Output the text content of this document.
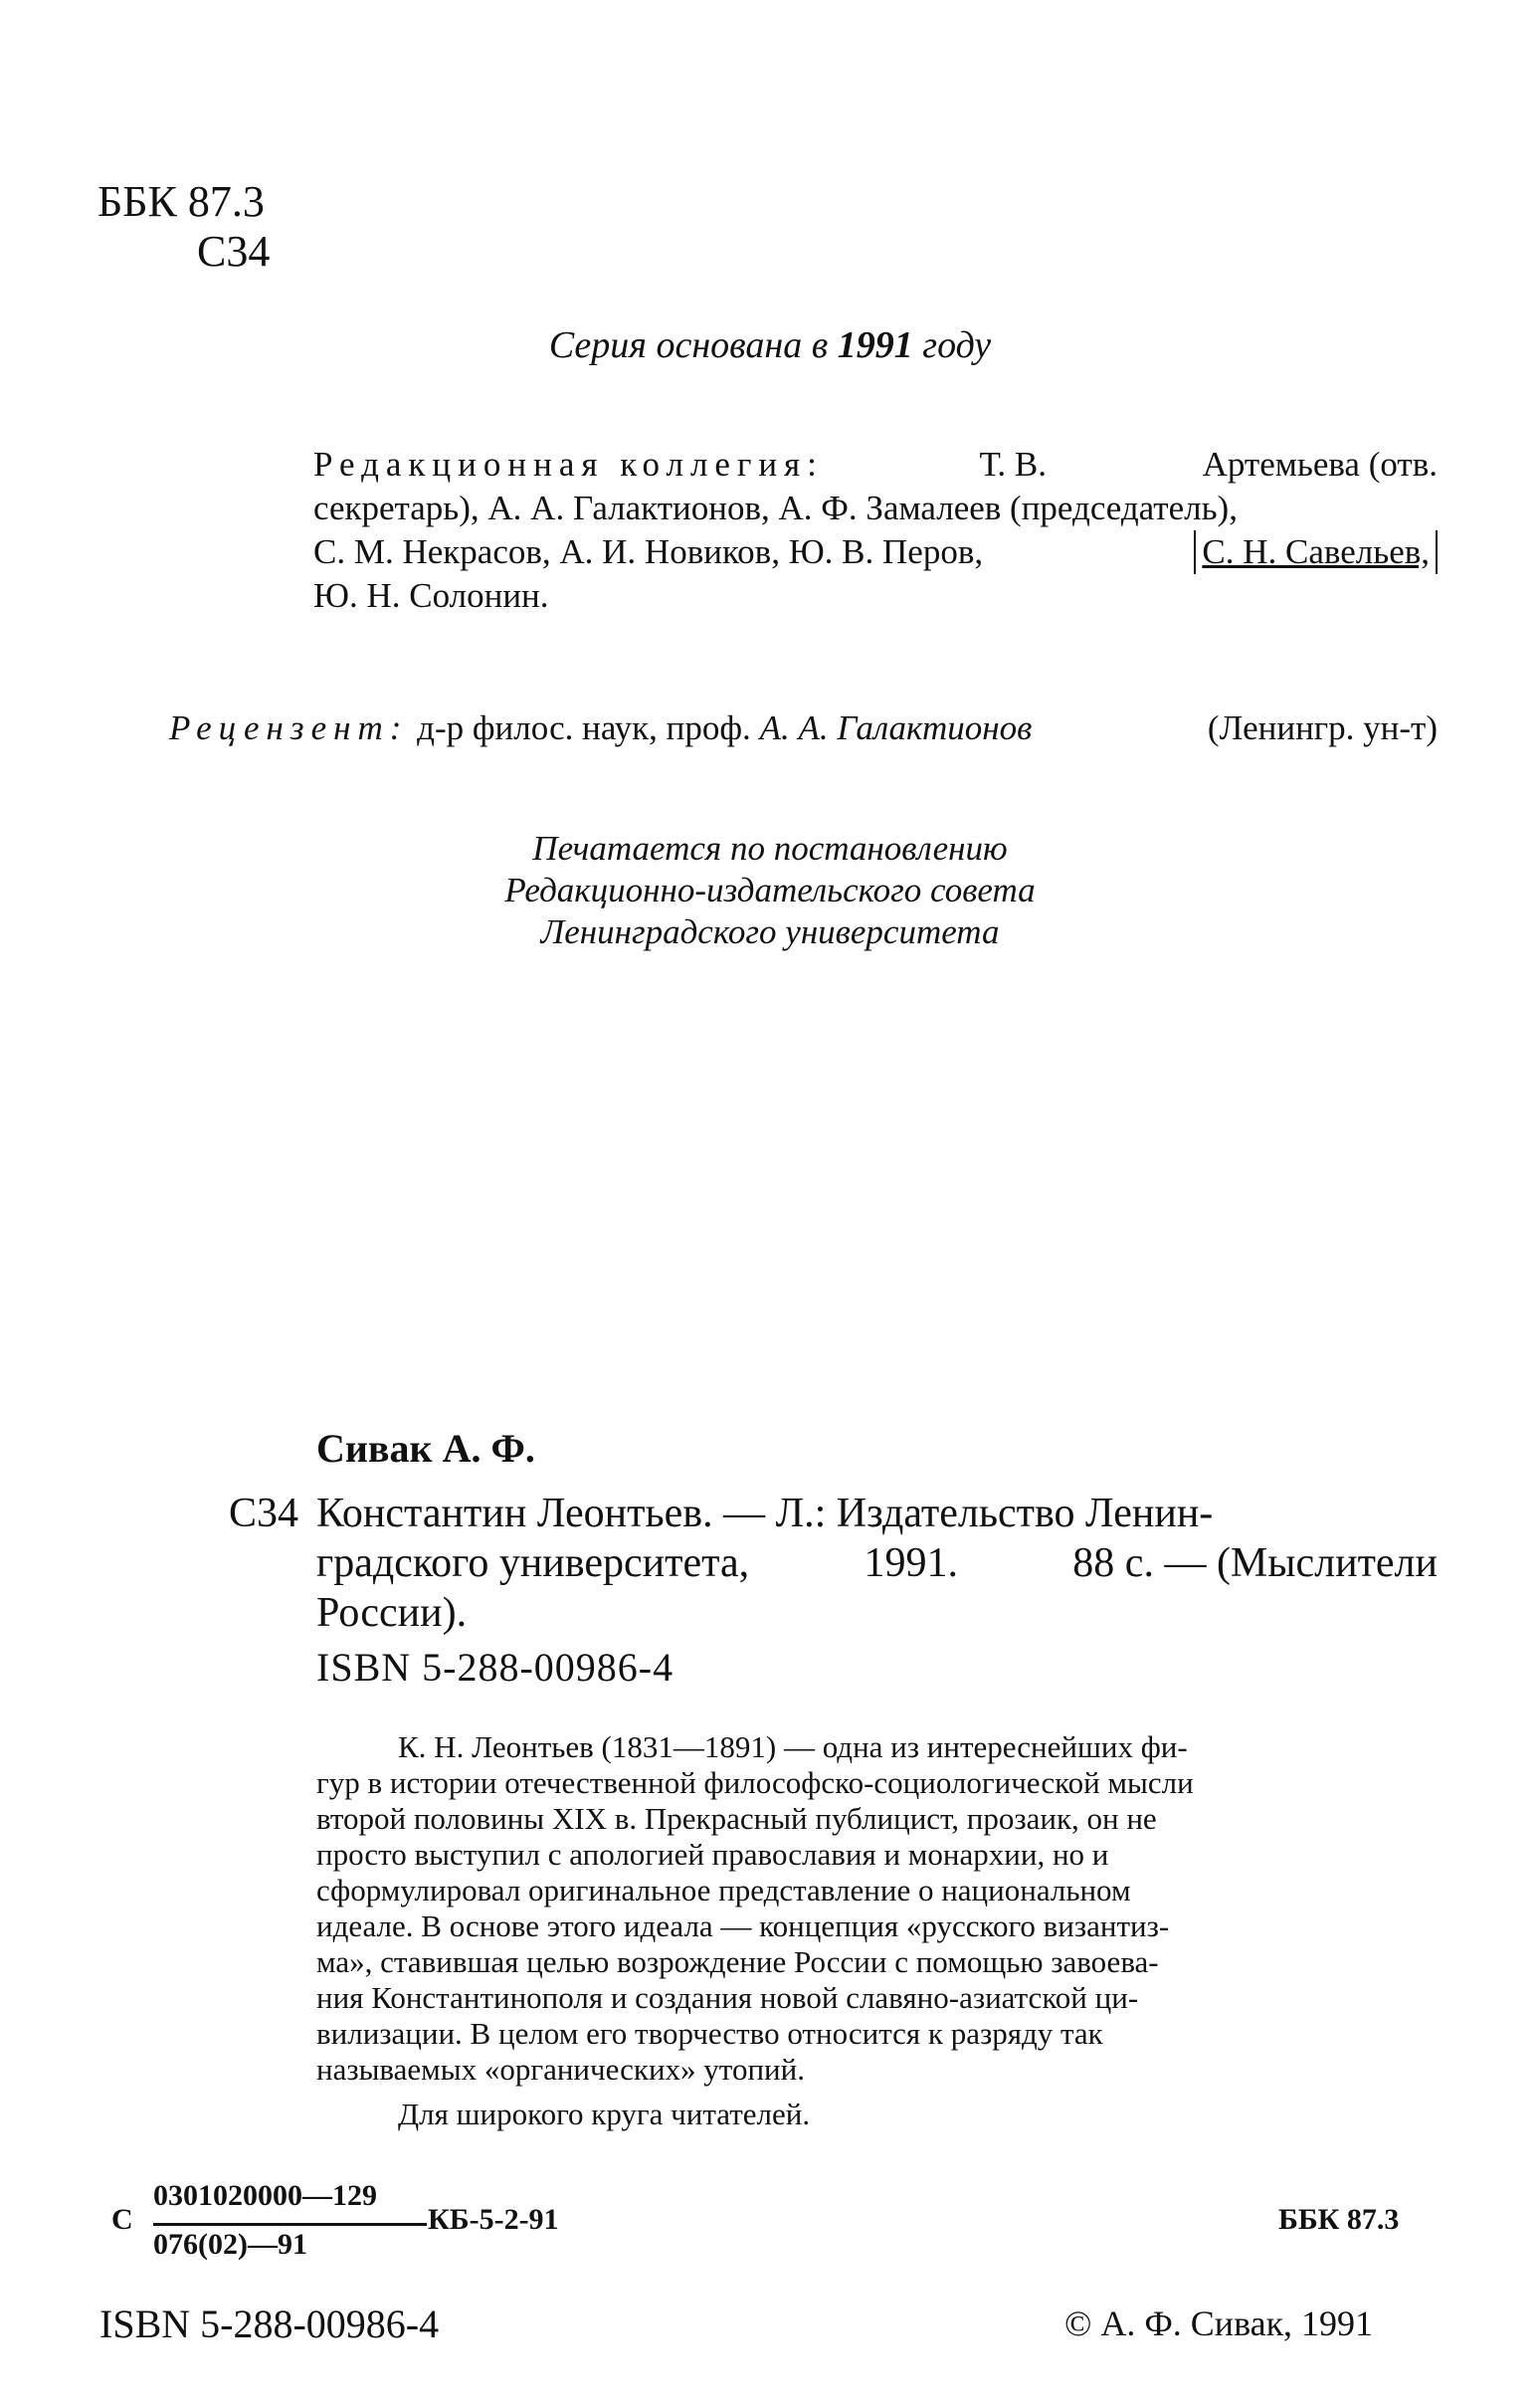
ББК 87.3
С34
Серия основана в 1991 году
Редакционная коллегия:	Т. В.	Артемьева (отв.
секретарь), А. А. Галактионов, А. Ф. Замалеев (председатель),
С. М. Некрасов, А. И. Новиков, Ю. В. Перов,	С. Н. Савельев,
Ю. Н. Солонин.
Рецензент: д-р филос. наук, проф. А. А. Галактионов	(Ленингр. ун-т)
Печатается по постановлению
Редакционно-издательского совета
Ленинградского университета
Сивак А. Ф.
С34 Константин Леонтьев. — Л.: Издательство Ленин-
градского университета,	1991.	88 с. — (Мыслители
России).
ISBN 5-288-00986-4
К. Н. Леонтьев (1831—1891) — одна из интереснейших фи-
гур в истории отечественной философско-социологической мысли
второй половины XIX в. Прекрасный публицист, прозаик, он не
просто выступил с апологией православия и монархии, но и
сформулировал оригинальное представление о национальном
идеале. В основе этого идеала — концепция «русского византиз-
ма», ставившая целью возрождение России с помощью завоева-
ния Константинополя и создания новой славяно-азиатской ци-
вилизации. В целом его творчество относится к разряду так
называемых «органических» утопий.
Для широкого круга читателей.
С
0301020000—129
076(02)—91
КБ-5-2-91	ББК 87.3
ISBN 5-288-00986-4	© А. Ф. Сивак, 1991
